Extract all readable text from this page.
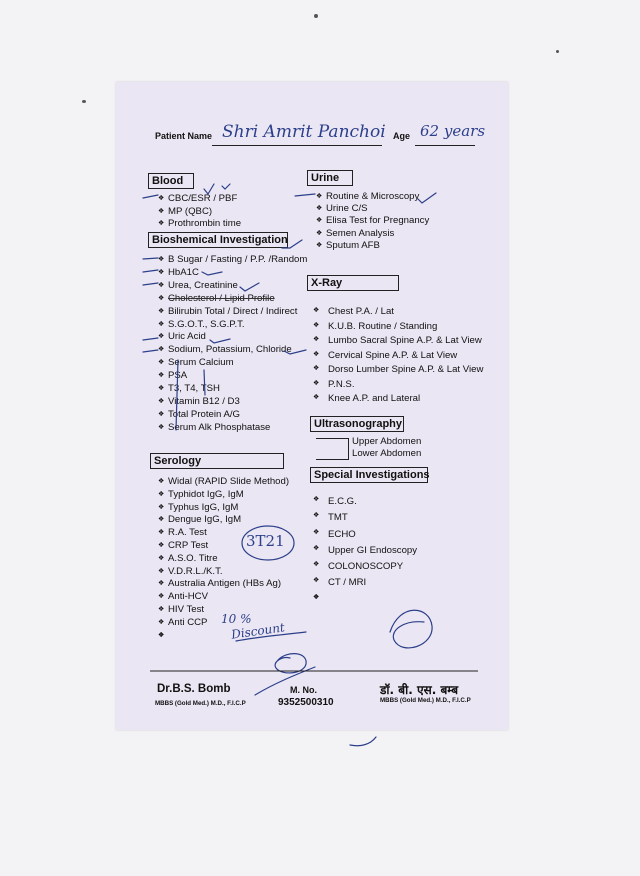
Patient Name Shri Amrit Panchoi Age 62 years
Blood
❖ CBC/ESR / PBF
❖ MP (QBC)
❖ Prothrombin time
Bioshemical Investigation
❖ B Sugar / Fasting / P.P. /Random
❖ HbA1C
❖ Urea, Creatinine
❖ Cholesterol / Lipid Profile
❖ Bilirubin Total / Direct / Indirect
❖ S.G.O.T., S.G.P.T.
❖ Uric Acid
❖ Sodium, Potassium, Chloride
❖ Serum Calcium
❖ PSA
❖ T3, T4, TSH
❖ Vitamin B12 / D3
❖ Total Protein A/G
❖ Serum Alk Phosphatase
Serology
❖ Widal (RAPID Slide Method)
❖ Typhidot IgG, IgM
❖ Typhus IgG, IgM
❖ Dengue IgG, IgM
❖ R.A. Test
❖ CRP Test
❖ A.S.O. Titre
❖ V.D.R.L./K.T.
❖ Australia Antigen (HBs Ag)
❖ Anti-HCV
❖ HIV Test
❖ Anti CCP
Urine
❖ Routine & Microscopy
❖ Urine C/S
❖ Elisa Test for Pregnancy
❖ Semen Analysis
❖ Sputum AFB
X-Ray
❖ Chest P.A. / Lat
❖ K.U.B. Routine / Standing
❖ Lumbo Sacral Spine A.P. & Lat View
❖ Cervical Spine A.P. & Lat View
❖ Dorso Lumber Spine A.P. & Lat View
❖ P.N.S.
❖ Knee A.P. and Lateral
Ultrasonography
Upper Abdomen
Lower Abdomen
Special Investigations
❖ E.C.G.
❖ TMT
❖ ECHO
❖ Upper GI Endoscopy
❖ COLONOSCOPY
❖ CT / MRI
10 %
Discount
3T21
Dr.B.S. Bomb
MBBS (Gold Med.) M.D., F.I.C.P
M. No.
9352500310
डॉ. बी. एस. बम्ब
MBBS (Gold Med.) M.D., F.I.C.P
